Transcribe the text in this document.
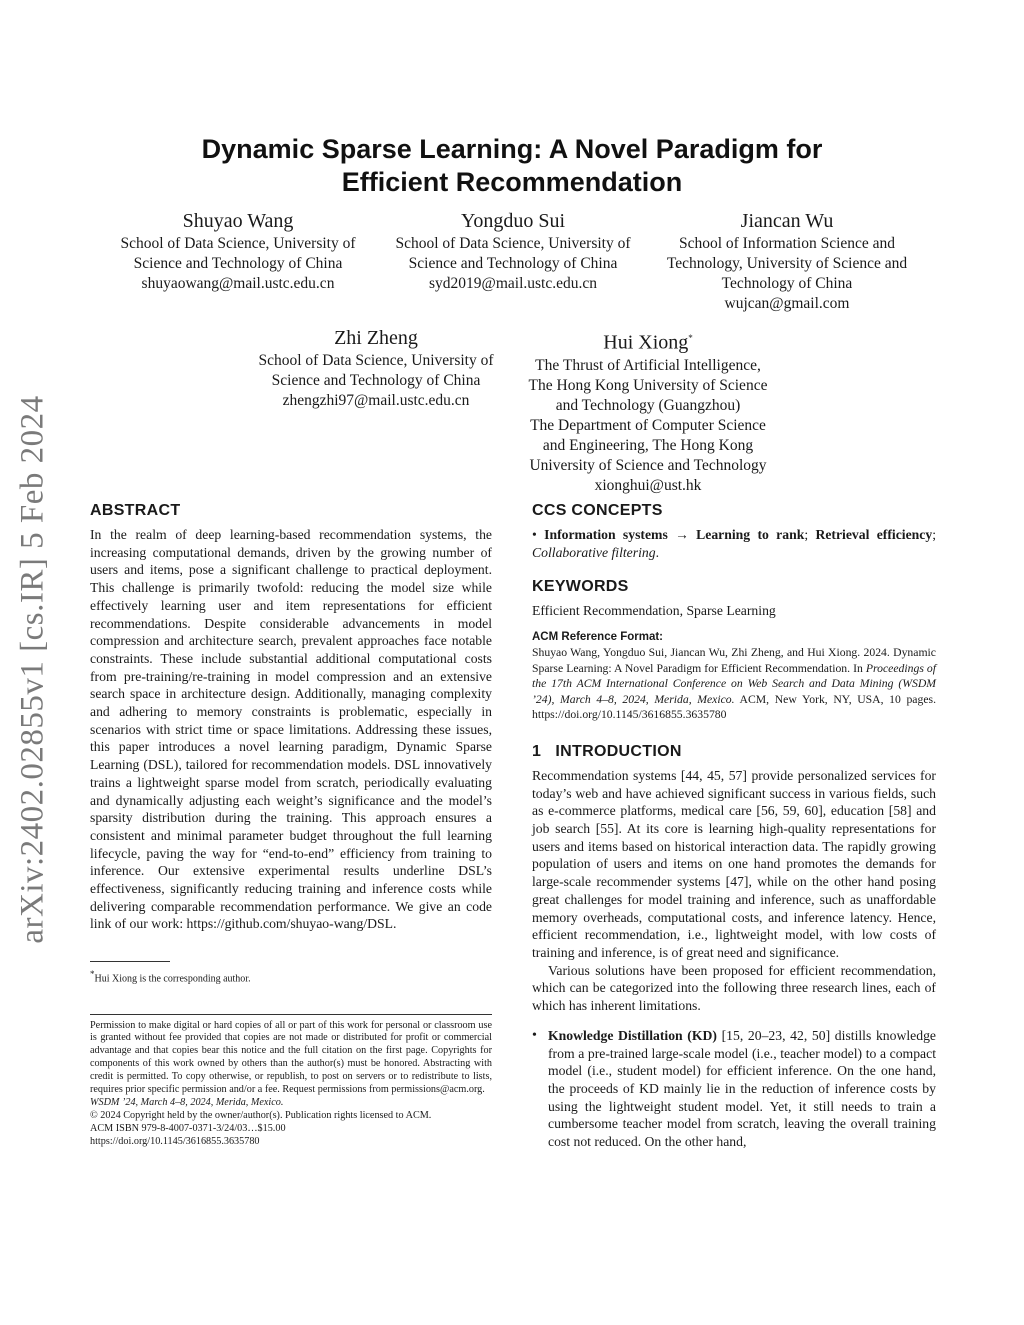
arXiv:2402.02855v1 [cs.IR] 5 Feb 2024
Dynamic Sparse Learning: A Novel Paradigm for
Efficient Recommendation
Shuyao Wang
School of Data Science, University of
Science and Technology of China
shuyaowang@mail.ustc.edu.cn
Yongduo Sui
School of Data Science, University of
Science and Technology of China
syd2019@mail.ustc.edu.cn
Jiancan Wu
School of Information Science and
Technology, University of Science and
Technology of China
wujcan@gmail.com
Zhi Zheng
School of Data Science, University of
Science and Technology of China
zhengzhi97@mail.ustc.edu.cn
Hui Xiong*
The Thrust of Artificial Intelligence,
The Hong Kong University of Science
and Technology (Guangzhou)
The Department of Computer Science
and Engineering, The Hong Kong
University of Science and Technology
xionghui@ust.hk
ABSTRACT

In the realm of deep learning-based recommendation systems, the increasing computational demands, driven by the growing number of users and items, pose a significant challenge to practical deployment. This challenge is primarily twofold: reducing the model size while effectively learning user and item representations for efficient recommendations. Despite considerable advancements in model compression and architecture search, prevalent approaches face notable constraints. These include substantial additional computational costs from pre-training/re-training in model compression and an extensive search space in architecture design. Additionally, managing complexity and adhering to memory constraints is problematic, especially in scenarios with strict time or space limitations. Addressing these issues, this paper introduces a novel learning paradigm, Dynamic Sparse Learning (DSL), tailored for recommendation models. DSL innovatively trains a lightweight sparse model from scratch, periodically evaluating and dynamically adjusting each weight’s significance and the model’s sparsity distribution during the training. This approach ensures a consistent and minimal parameter budget throughout the full learning lifecycle, paving the way for “end-to-end” efficiency from training to inference. Our extensive experimental results underline DSL’s effectiveness, significantly reducing training and inference costs while delivering comparable recommendation performance. We give an code link of our work: https://github.com/shuyao-wang/DSL.

*Hui Xiong is the corresponding author.
Permission to make digital or hard copies of all or part of this work for personal or classroom use is granted without fee provided that copies are not made or distributed for profit or commercial advantage and that copies bear this notice and the full citation on the first page. Copyrights for components of this work owned by others than the author(s) must be honored. Abstracting with credit is permitted. To copy otherwise, or republish, to post on servers or to redistribute to lists, requires prior specific permission and/or a fee. Request permissions from permissions@acm.org.
WSDM ’24, March 4–8, 2024, Merida, Mexico.
© 2024 Copyright held by the owner/author(s). Publication rights licensed to ACM.
ACM ISBN 979-8-4007-0371-3/24/03…$15.00
https://doi.org/10.1145/3616855.3635780
CCS CONCEPTS
• Information systems → Learning to rank; Retrieval efficiency; Collaborative filtering.
KEYWORDS
Efficient Recommendation, Sparse Learning
ACM Reference Format:
Shuyao Wang, Yongduo Sui, Jiancan Wu, Zhi Zheng, and Hui Xiong. 2024. Dynamic Sparse Learning: A Novel Paradigm for Efficient Recommendation. In Proceedings of the 17th ACM International Conference on Web Search and Data Mining (WSDM ’24), March 4–8, 2024, Merida, Mexico. ACM, New York, NY, USA, 10 pages. https://doi.org/10.1145/3616855.3635780
1   INTRODUCTION

Recommendation systems [44, 45, 57] provide personalized services for today’s web and have achieved significant success in various fields, such as e-commerce platforms, medical care [56, 59, 60], education [58] and job search [55]. At its core is learning high-quality representations for users and items based on historical interaction data. The rapidly growing population of users and items on one hand promotes the demands for large-scale recommender systems [47], while on the other hand posing great challenges for model training and inference, such as unaffordable memory overheads, computational costs, and inference latency. Hence, efficient recommendation, i.e., lightweight model, with low costs of training and inference, is of great need and significance.

Various solutions have been proposed for efficient recommendation, which can be categorized into the following three research lines, each of which has inherent limitations.

• Knowledge Distillation (KD) [15, 20–23, 42, 50] distills knowledge from a pre-trained large-scale model (i.e., teacher model) to a compact model (i.e., student model) for efficient inference. On the one hand, the proceeds of KD mainly lie in the reduction of inference costs by using the lightweight student model. Yet, it still needs to train a cumbersome teacher model from scratch, leaving the overall training cost not reduced. On the other hand,
